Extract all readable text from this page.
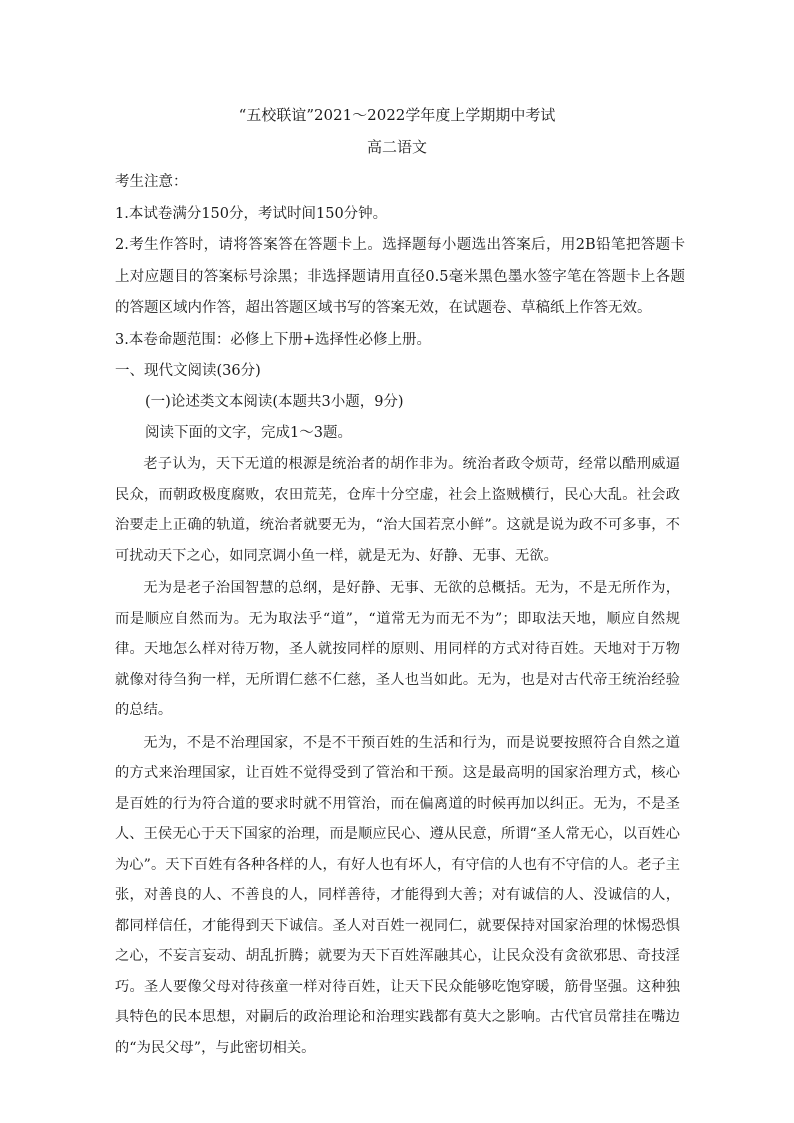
“五校联谊”2021～2022学年度上学期期中考试
高二语文

考生注意：

1.本试卷满分150分，考试时间150分钟。

2.考生作答时，请将答案答在答题卡上。选择题每小题选出答案后，用2B铅笔把答题卡上对应题目的答案标号涂黑；非选择题请用直径0.5毫米黑色墨水签字笔在答题卡上各题的答题区域内作答，超出答题区域书写的答案无效，在试题卷、草稿纸上作答无效。

3.本卷命题范围：必修上下册+选择性必修上册。

一、现代文阅读(36分)
(一)论述类文本阅读(本题共3小题，9分)
阅读下面的文字，完成1～3题。

老子认为，天下无道的根源是统治者的胡作非为。统治者政令烦苛，经常以酷刑威逼民众，而朝政极度腐败，农田荒芜，仓库十分空虚，社会上盗贼横行，民心大乱。社会政治要走上正确的轨道，统治者就要无为，“治大国若烹小鲜”。这就是说为政不可多事，不可扰动天下之心，如同烹调小鱼一样，就是无为、好静、无事、无欲。

无为是老子治国智慧的总纲，是好静、无事、无欲的总概括。无为，不是无所作为，而是顺应自然而为。无为取法乎“道”，“道常无为而无不为”；即取法天地，顺应自然规律。天地怎么样对待万物，圣人就按同样的原则、用同样的方式对待百姓。天地对于万物就像对待刍狗一样，无所谓仁慈不仁慈，圣人也当如此。无为，也是对古代帝王统治经验的总结。

无为，不是不治理国家，不是不干预百姓的生活和行为，而是说要按照符合自然之道的方式来治理国家，让百姓不觉得受到了管治和干预。这是最高明的国家治理方式，核心是百姓的行为符合道的要求时就不用管治，而在偏离道的时候再加以纠正。无为，不是圣人、王侯无心于天下国家的治理，而是顺应民心、遵从民意，所谓“圣人常无心，以百姓心为心”。天下百姓有各种各样的人，有好人也有坏人，有守信的人也有不守信的人。老子主张，对善良的人、不善良的人，同样善待，才能得到大善；对有诚信的人、没诚信的人，都同样信任，才能得到天下诚信。圣人对百姓一视同仁，就要保持对国家治理的怵惕恐惧之心，不妄言妄动、胡乱折腾；就要为天下百姓浑融其心，让民众没有贪欲邪思、奇技淫巧。圣人要像父母对待孩童一样对待百姓，让天下民众能够吃饱穿暖，筋骨坚强。这种独具特色的民本思想，对嗣后的政治理论和治理实践都有莫大之影响。古代官员常挂在嘴边的“为民父母”，与此密切相关。
